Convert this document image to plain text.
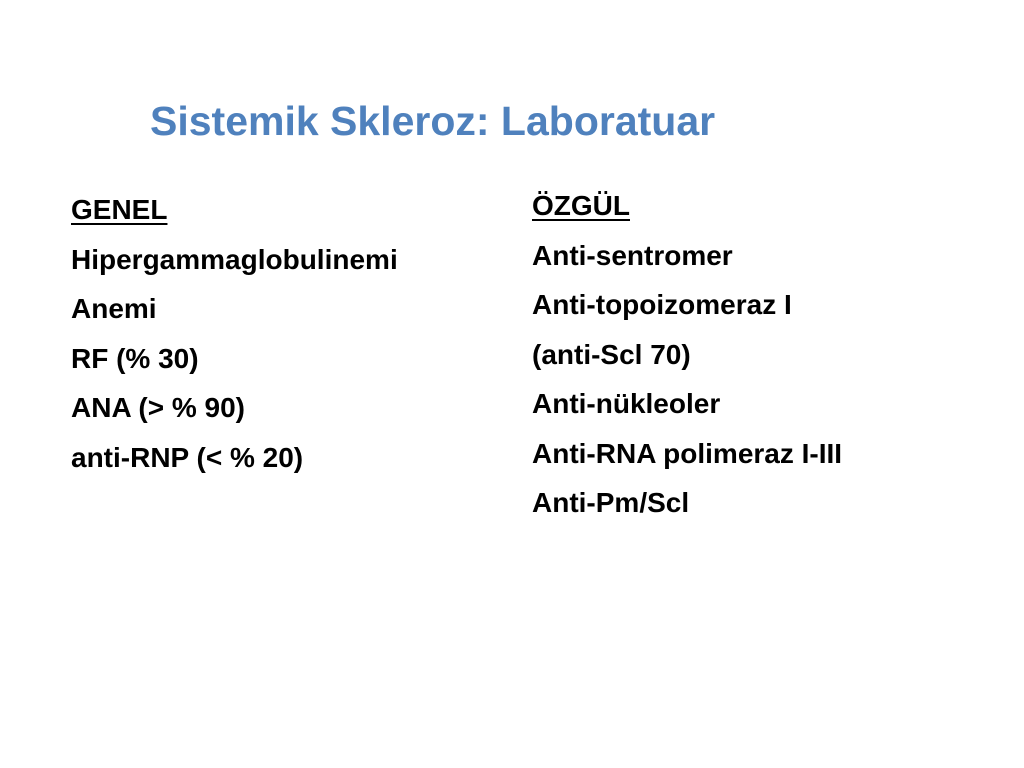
Sistemik Skleroz: Laboratuar
GENEL
Hipergammaglobulinemi
Anemi
RF (% 30)
ANA (> % 90)
anti-RNP (< % 20)
ÖZGÜL
Anti-sentromer
Anti-topoizomeraz I
(anti-Scl 70)
Anti-nükleoler
Anti-RNA polimeraz I-III
Anti-Pm/Scl
